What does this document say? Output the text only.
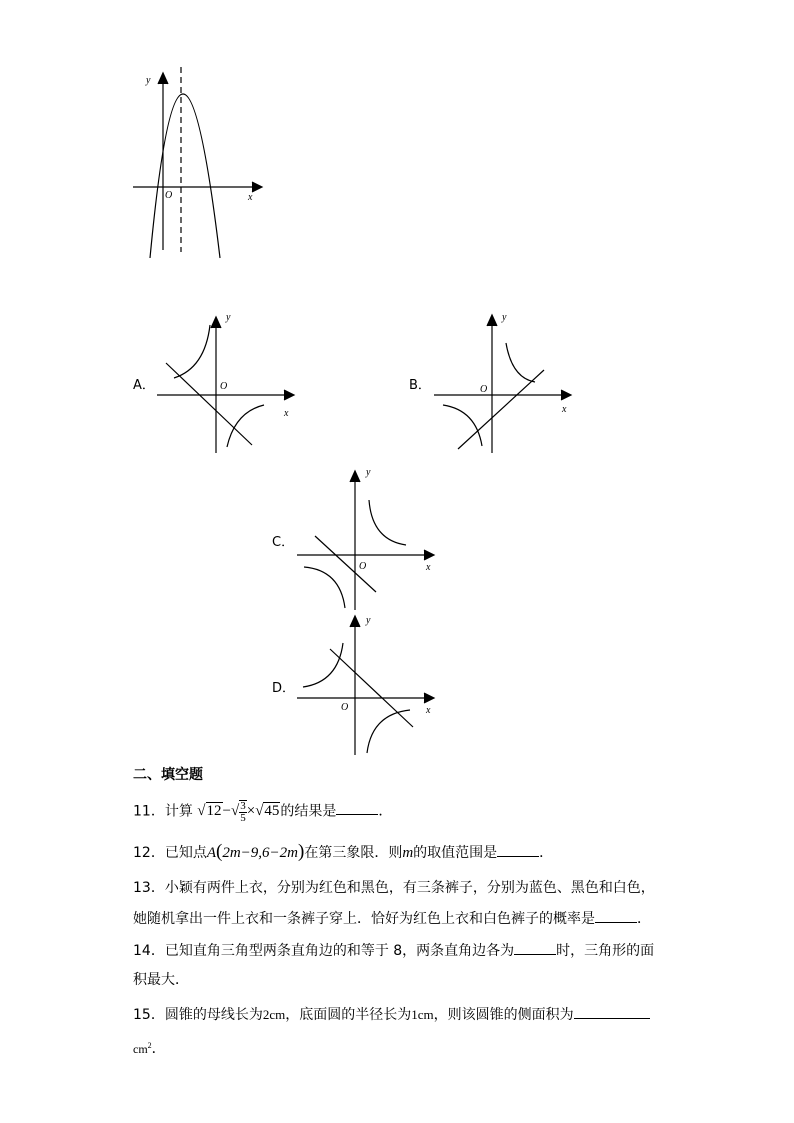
y
x
O
A．
y
x
O	B．
y
x
O
C．
y
x
O
D．
y
x
O
二、填空题
11．计算 $√12-√ \frac{3}{5} \times√45$的结果是	．
12．已知点A(2m−9,6−2m)在第三象限．则m的取值范围是	．
13．小颖有两件上衣，分别为红色和黑色，有三条裤子，分别为蓝色、黑色和白色，
她随机拿出一件上衣和一条裤子穿上．恰好为红色上衣和白色裤子的概率是	．
14．已知直角三角型两条直角边的和等于 8，两条直角边各为	时，三角形的面
积最大．
15．圆锥的母线长为2cm，底面圆的半径长为1cm，则该圆锥的侧面积为
$cm^2$．
